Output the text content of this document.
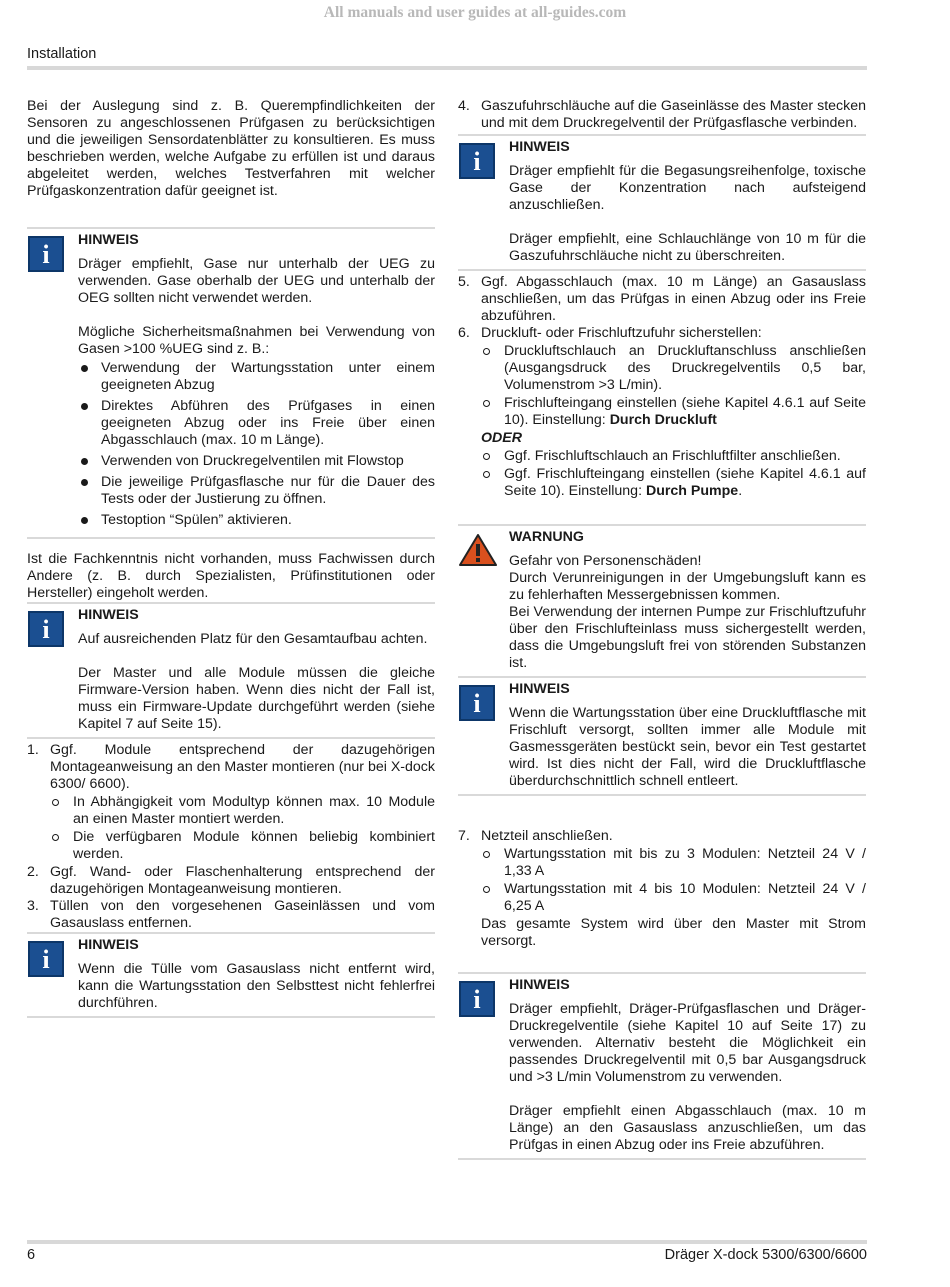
All manuals and user guides at all-guides.com
Installation

Bei der Auslegung sind z. B. Querempfindlichkeiten der Sensoren zu angeschlossenen Prüfgasen zu berücksichtigen und die jeweiligen Sensordatenblätter zu konsultieren. Es muss beschrieben werden, welche Aufgabe zu erfüllen ist und daraus abgeleitet werden, welches Testverfahren mit welcher Prüfgaskonzentration dafür geeignet ist.

i	HINWEIS

Dräger empfiehlt, Gase nur unterhalb der UEG zu verwenden. Gase oberhalb der UEG und unterhalb der OEG sollten nicht verwendet werden.

Mögliche Sicherheitsmaßnahmen bei Verwendung von Gasen >100 %UEG sind z. B.:

Verwendung der Wartungsstation unter einem geeigneten Abzug
Direktes Abführen des Prüfgases in einen geeigneten Abzug oder ins Freie über einen Abgasschlauch (max. 10 m Länge).
Verwenden von Druckregelventilen mit Flowstop
Die jeweilige Prüfgasflasche nur für die Dauer des Tests oder der Justierung zu öffnen.
Testoption “Spülen” aktivieren.

Ist die Fachkenntnis nicht vorhanden, muss Fachwissen durch Andere (z. B. durch Spezialisten, Prüfinstitutionen oder Hersteller) eingeholt werden.

i	HINWEIS

Auf ausreichenden Platz für den Gesamtaufbau achten.

Der Master und alle Module müssen die gleiche Firmware-Version haben. Wenn dies nicht der Fall ist, muss ein Firmware-Update durchgeführt werden (siehe Kapitel 7 auf Seite 15).

1. Ggf. Module entsprechend der dazugehörigen Montageanweisung an den Master montieren (nur bei X-dock 6300/ 6600).

In Abhängigkeit vom Modultyp können max. 10 Module an einen Master montiert werden.
Die verfügbaren Module können beliebig kombiniert werden.
2. Ggf. Wand- oder Flaschenhalterung entsprechend der dazugehörigen Montageanweisung montieren.

3. Tüllen von den vorgesehenen Gaseinlässen und vom Gasauslass entfernen.

i	HINWEIS

Wenn die Tülle vom Gasauslass nicht entfernt wird, kann die Wartungsstation den Selbsttest nicht fehlerfrei durchführen.

4. Gaszufuhrschläuche auf die Gaseinlässe des Master stecken und mit dem Druckregelventil der Prüfgasflasche verbinden.

i	HINWEIS

Dräger empfiehlt für die Begasungsreihenfolge, toxische Gase der Konzentration nach aufsteigend anzuschließen.

Dräger empfiehlt, eine Schlauchlänge von 10 m für die Gaszufuhrschläuche nicht zu überschreiten.

5. Ggf. Abgasschlauch (max. 10 m Länge) an Gasauslass anschließen, um das Prüfgas in einen Abzug oder ins Freie abzuführen.

6. Druckluft- oder Frischluftzufuhr sicherstellen:

Druckluftschlauch an Druckluftanschluss anschließen (Ausgangsdruck des Druckregelventils 0,5 bar, Volumenstrom >3 L/min).
Frischlufteingang einstellen (siehe Kapitel 4.6.1 auf Seite 10). Einstellung: Durch Druckluft
ODER
Ggf. Frischluftschlauch an Frischluftfilter anschließen.
Ggf. Frischlufteingang einstellen (siehe Kapitel 4.6.1 auf Seite 10). Einstellung: Durch Pumpe.
WARNUNG

Gefahr von Personenschäden!

Durch Verunreinigungen in der Umgebungsluft kann es zu fehlerhaften Messergebnissen kommen.

Bei Verwendung der internen Pumpe zur Frischluftzufuhr über den Frischlufteinlass muss sichergestellt werden, dass die Umgebungsluft frei von störenden Substanzen ist.

i	HINWEIS

Wenn die Wartungsstation über eine Druckluftflasche mit Frischluft versorgt, sollten immer alle Module mit Gasmessgeräten bestückt sein, bevor ein Test gestartet wird. Ist dies nicht der Fall, wird die Druckluftflasche überdurchschnittlich schnell entleert.

7. Netzteil anschließen.

Wartungsstation mit bis zu 3 Modulen: Netzteil 24 V / 1,33 A
Wartungsstation mit 4 bis 10 Modulen: Netzteil 24 V / 6,25 A

Das gesamte System wird über den Master mit Strom versorgt.

i	HINWEIS

Dräger empfiehlt, Dräger-Prüfgasflaschen und Dräger-Druckregelventile (siehe Kapitel 10 auf Seite 17) zu verwenden. Alternativ besteht die Möglichkeit ein passendes Druckregelventil mit 0,5 bar Ausgangsdruck und >3 L/min Volumenstrom zu verwenden.

Dräger empfiehlt einen Abgasschlauch (max. 10 m Länge) an den Gasauslass anzuschließen, um das Prüfgas in einen Abzug oder ins Freie abzuführen.

6	Dräger X-dock 5300/6300/6600
